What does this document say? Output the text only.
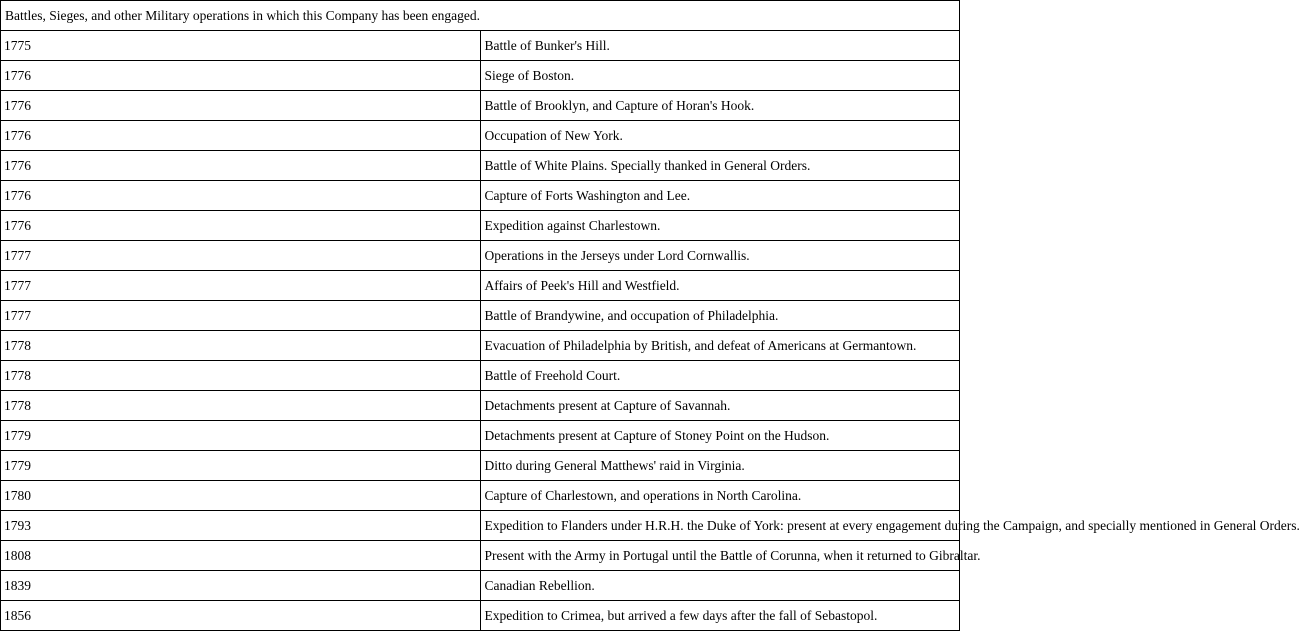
Battles, Sieges, and other Military operations in which this Company has been engaged.	
1775	Battle of Bunker's Hill.
1776	Siege of Boston.
1776	Battle of Brooklyn, and Capture of Horan's Hook.
1776	Occupation of New York.
1776	Battle of White Plains. Specially thanked in General Orders.
1776	Capture of Forts Washington and Lee.
1776	Expedition against Charlestown.
1777	Operations in the Jerseys under Lord Cornwallis.
1777	Affairs of Peek's Hill and Westfield.
1777	Battle of Brandywine, and occupation of Philadelphia.
1778	Evacuation of Philadelphia by British, and defeat of Americans at Germantown.
1778	Battle of Freehold Court.
1778	Detachments present at Capture of Savannah.
1779	Detachments present at Capture of Stoney Point on the Hudson.
1779	Ditto during General Matthews' raid in Virginia.
1780	Capture of Charlestown, and operations in North Carolina.
1793	Expedition to Flanders under H.R.H. the Duke of York: present at every engagement during the Campaign, and specially mentioned in General Orders.
1808	Present with the Army in Portugal until the Battle of Corunna, when it returned to Gibraltar.
1839	Canadian Rebellion.
1856	Expedition to Crimea, but arrived a few days after the fall of Sebastopol.
